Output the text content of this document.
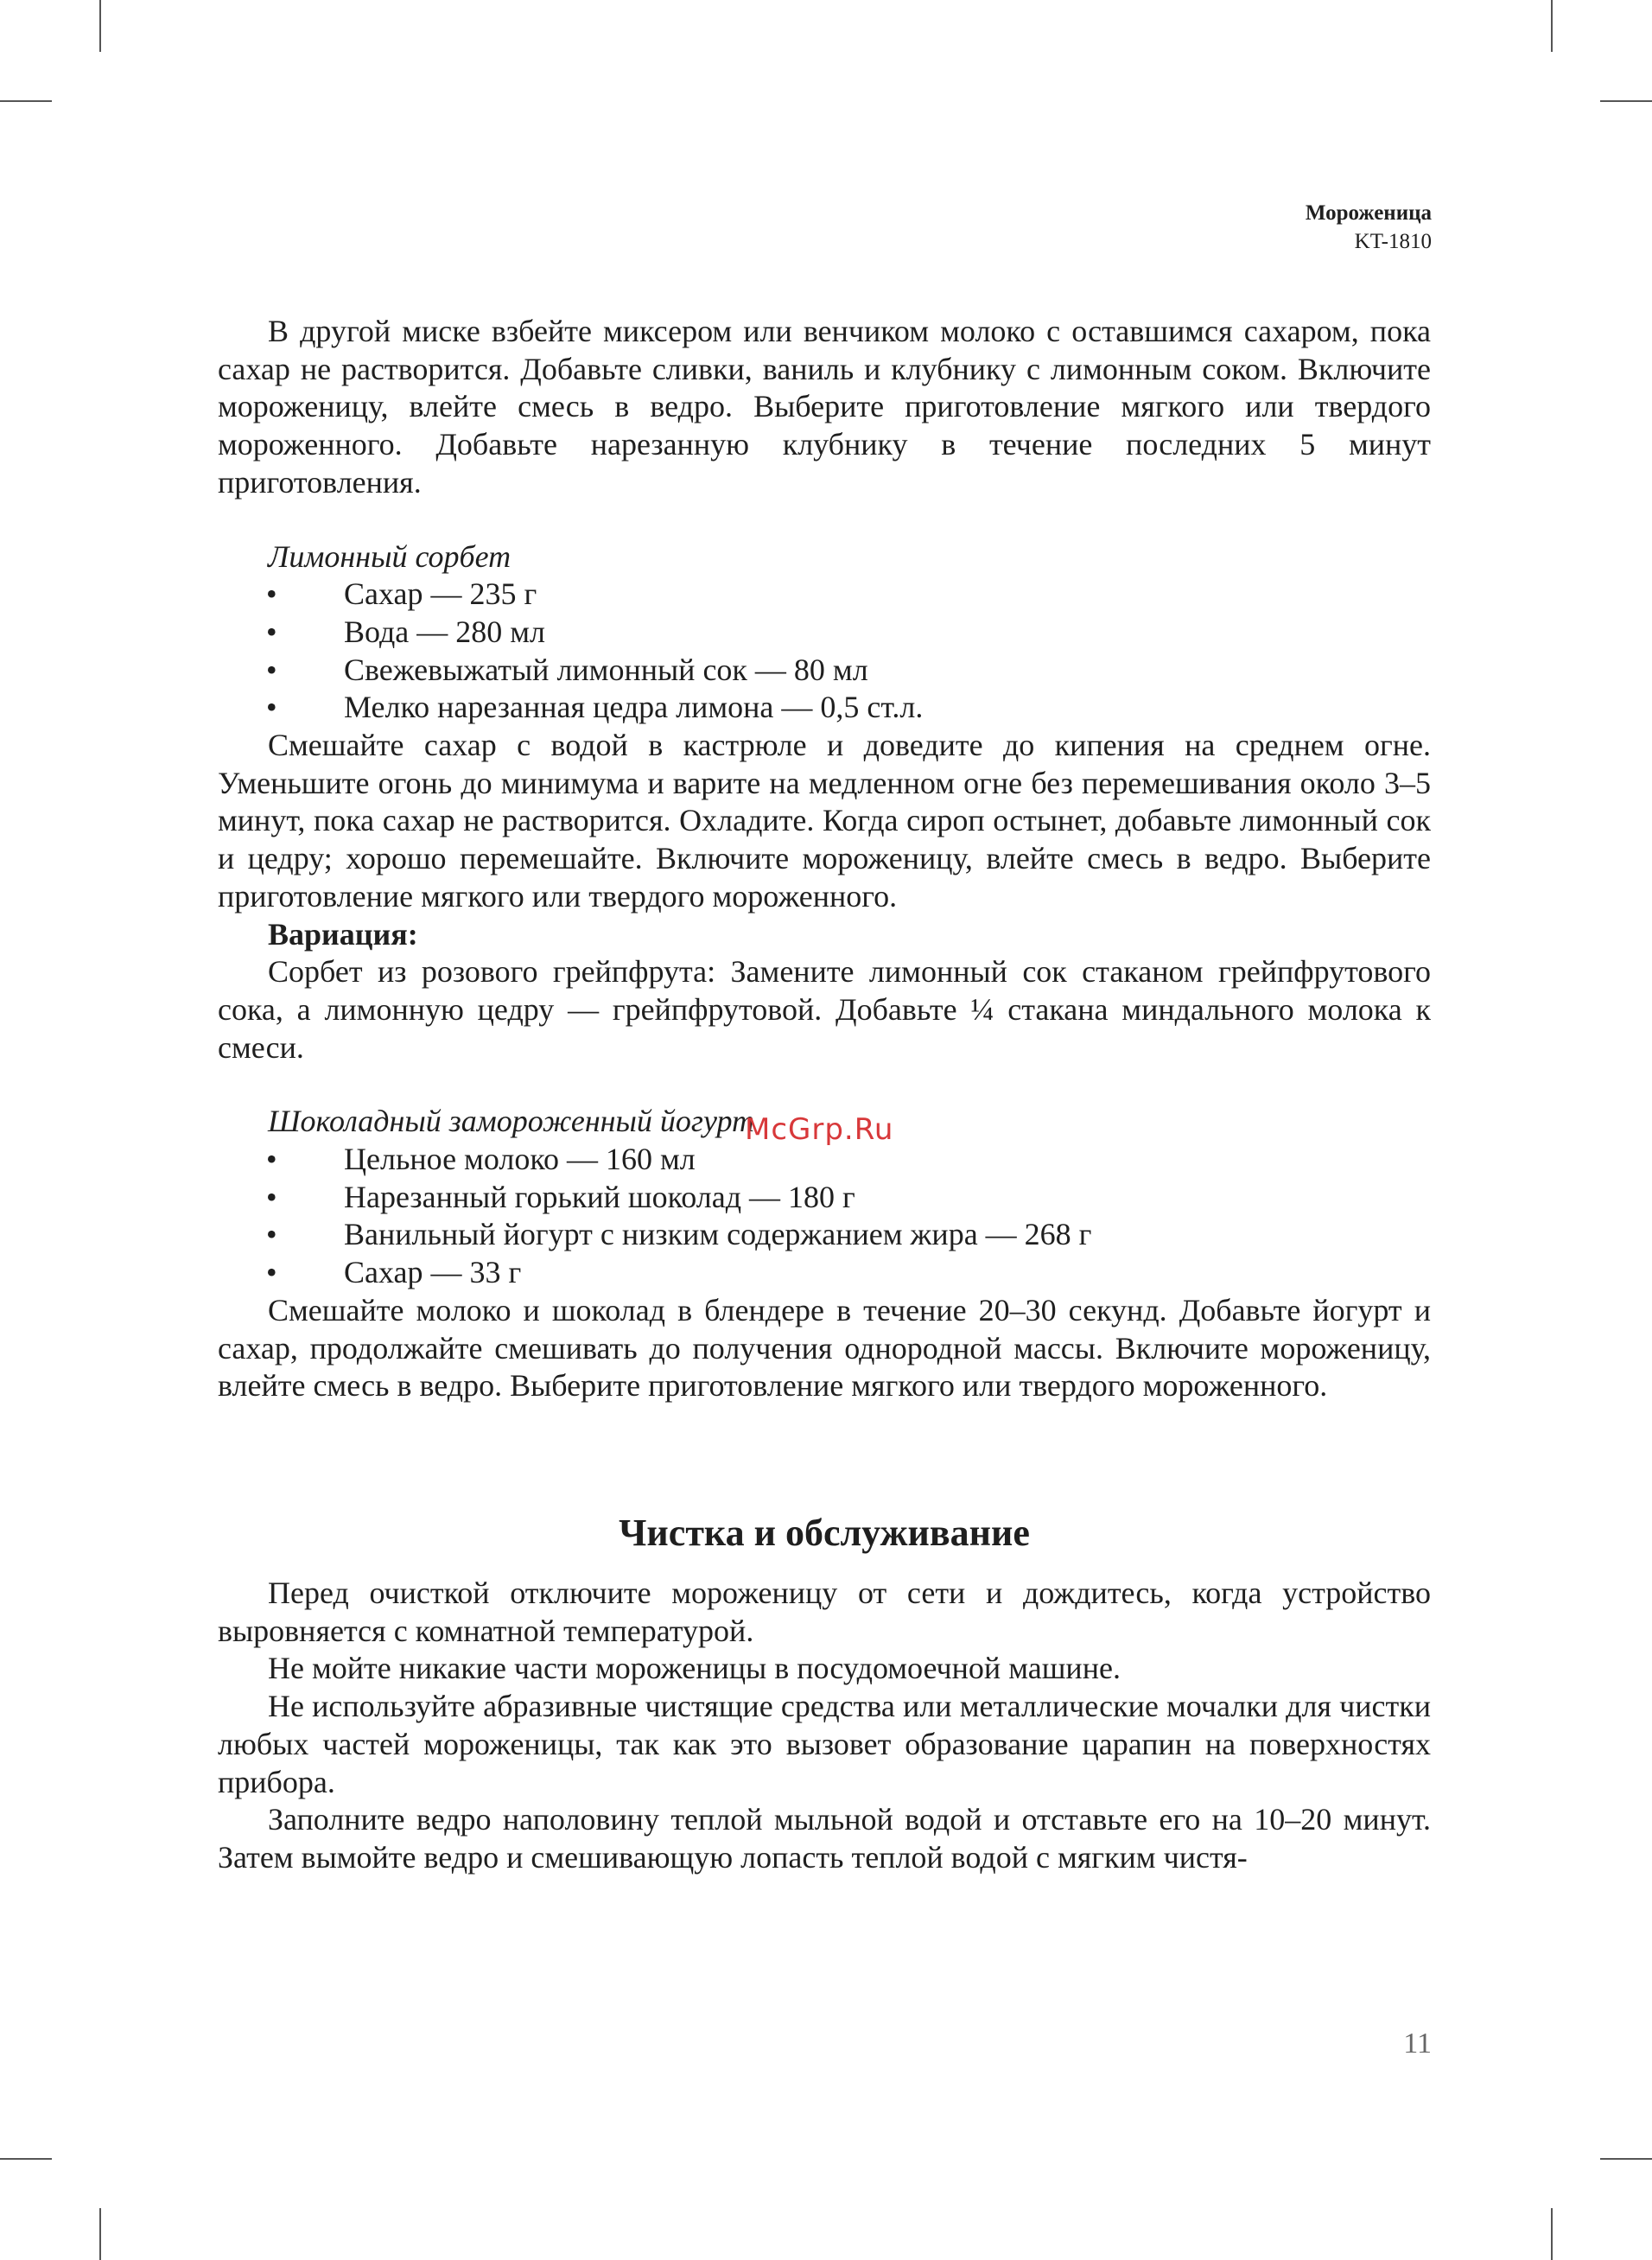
Мороженица
KT-1810

В другой миске взбейте миксером или венчиком молоко с оставшимся сахаром, пока сахар не растворится. Добавьте сливки, ваниль и клубнику с лимонным соком. Включите мороженицу, влейте смесь в ведро. Выберите приготовление мягкого или твердого мороженного. Добавьте нарезанную клубнику в течение последних 5 минут приготовления.

Лимонный сорбет

• Сахар — 235 г
• Вода — 280 мл
• Свежевыжатый лимонный сок — 80 мл
• Мелко нарезанная цедра лимона — 0,5 ст.л.

Смешайте сахар с водой в кастрюле и доведите до кипения на среднем огне. Уменьшите огонь до минимума и варите на медленном огне без перемешивания около 3–5 минут, пока сахар не растворится. Охладите. Когда сироп остынет, добавьте лимонный сок и цедру; хорошо перемешайте. Включите мороженицу, влейте смесь в ведро. Выберите приготовление мягкого или твердого мороженного.

Вариация:

Сорбет из розового грейпфрута: Замените лимонный сок стаканом грейпфрутового сока, а лимонную цедру — грейпфрутовой. Добавьте ¼ стакана миндального молока к смеси.

Шоколадный замороженный йогурт

• Цельное молоко — 160 мл
• Нарезанный горький шоколад — 180 г
• Ванильный йогурт с низким содержанием жира — 268 г
• Сахар — 33 г

Смешайте молоко и шоколад в блендере в течение 20–30 секунд. Добавьте йогурт и сахар, продолжайте смешивать до получения однородной массы. Включите мороженицу, влейте смесь в ведро. Выберите приготовление мягкого или твердого мороженного.

Чистка и обслуживание

Перед очисткой отключите мороженицу от сети и дождитесь, когда устройство выровняется с комнатной температурой.

Не мойте никакие части мороженицы в посудомоечной машине.

Не используйте абразивные чистящие средства или металлические мочалки для чистки любых частей мороженицы, так как это вызовет образование царапин на поверхностях прибора.

Заполните ведро наполовину теплой мыльной водой и отставьте его на 10–20 минут. Затем вымойте ведро и смешивающую лопасть теплой водой с мягким чистя-

McGrp.Ru
11
